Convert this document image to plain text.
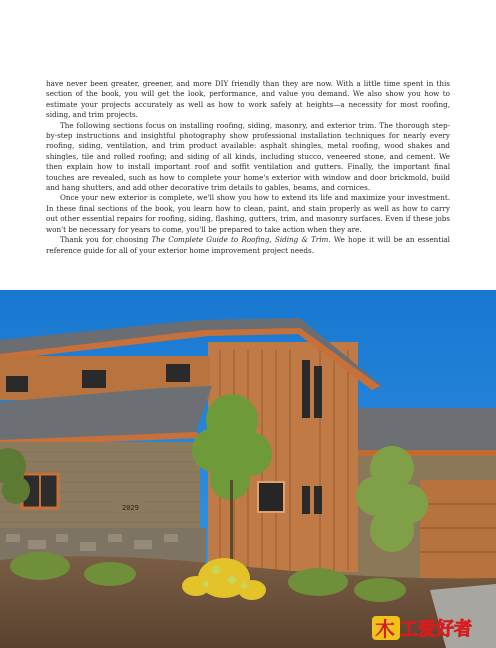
have never been greater, greener, and more DIY friendly than they are now. With a little time spent in this section of the book, you will get the look, performance, and value you demand. We also show you how to estimate your projects accurately as well as how to work safely at heights—a necessity for most roofing, siding, and trim projects.

The following sections focus on installing roofing, siding, masonry, and exterior trim. The thorough step-by-step instructions and insightful photography show professional installation techniques for nearly every roofing, siding, ventilation, and trim product available: asphalt shingles, metal roofing, wood shakes and shingles, tile and rolled roofing; and siding of all kinds, including stucco, veneered stone, and cement. We then explain how to install important roof and soffit ventilation and gutters. Finally, the important final touches are revealed, such as how to complete your home's exterior with window and door brickmold, build and hang shutters, and add other decorative trim details to gables, beams, and cornices.

Once your new exterior is complete, we'll show you how to extend its life and maximize your investment. In these final sections of the book, you learn how to clean, paint, and stain properly as well as how to carry out other essential repairs for roofing, siding, flashing, gutters, trim, and masonry surfaces. Even if these jobs won't be necessary for years to come, you'll be prepared to take action when they are.

Thank you for choosing The Complete Guide to Roofing, Siding & Trim. We hope it will be an essential reference guide for all of your exterior home improvement project needs.

2029
木 工爱好者
